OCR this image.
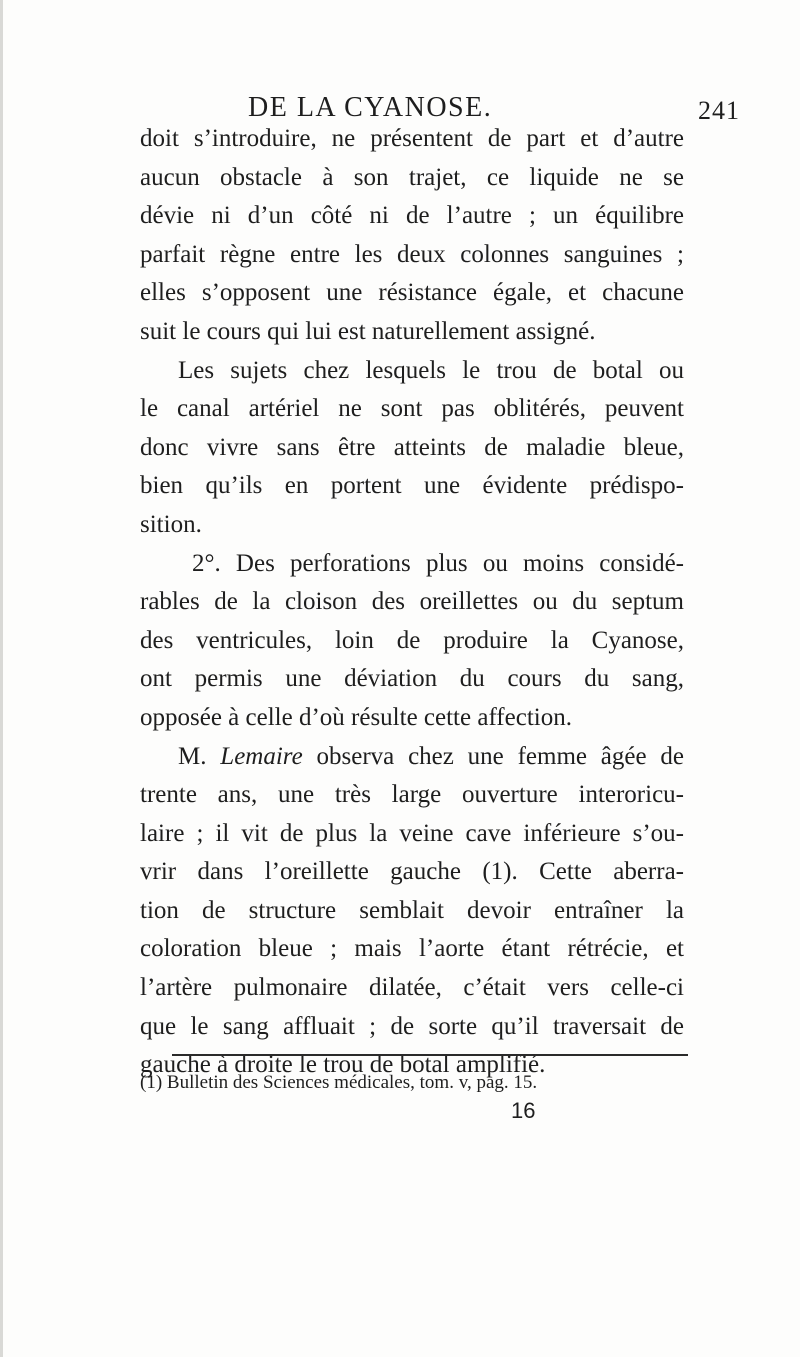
DE LA CYANOSE.	241
doit s’introduire, ne présentent de part et d’autre
aucun obstacle à son trajet, ce liquide ne se
dévie ni d’un côté ni de l’autre ; un équilibre
parfait règne entre les deux colonnes sanguines ;
elles s’opposent une résistance égale, et chacune
suit le cours qui lui est naturellement assigné.
Les sujets chez lesquels le trou de botal ou
le canal artériel ne sont pas oblitérés, peuvent
donc vivre sans être atteints de maladie bleue,
bien qu’ils en portent une évidente prédispo-
sition.
2°. Des perforations plus ou moins considé-
rables de la cloison des oreillettes ou du septum
des ventricules, loin de produire la Cyanose,
ont permis une déviation du cours du sang,
opposée à celle d’où résulte cette affection.
M. Lemaire observa chez une femme âgée de
trente ans, une très large ouverture interoricu-
laire ; il vit de plus la veine cave inférieure s’ou-
vrir dans l’oreillette gauche (1). Cette aberra-
tion de structure semblait devoir entraîner la
coloration bleue ; mais l’aorte étant rétrécie, et
l’artère pulmonaire dilatée, c’était vers celle-ci
que le sang affluait ; de sorte qu’il traversait de
gauche à droite le trou de botal amplifié.
(1) Bulletin des Sciences médicales, tom. v, pag. 15.
16
